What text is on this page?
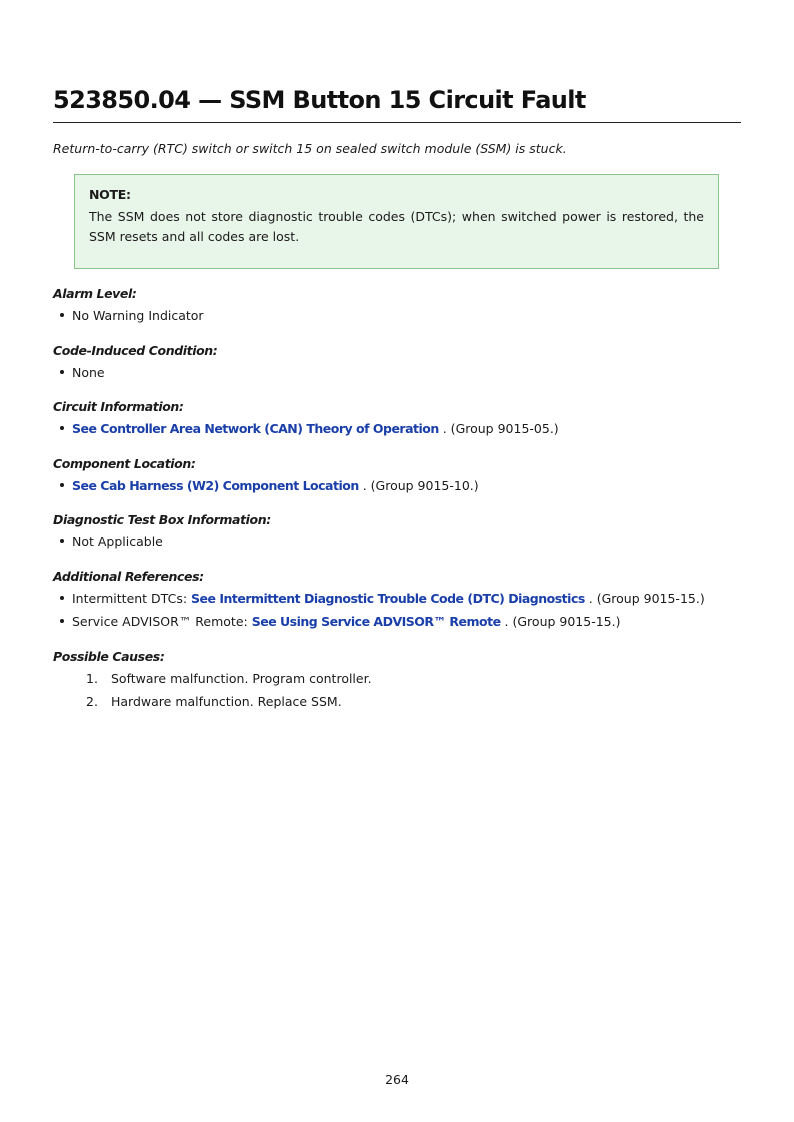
523850.04 — SSM Button 15 Circuit Fault

Return-to-carry (RTC) switch or switch 15 on sealed switch module (SSM) is stuck.

NOTE:

The SSM does not store diagnostic trouble codes (DTCs); when switched power is restored, the SSM resets and all codes are lost.

Alarm Level:

No Warning Indicator

Code-Induced Condition:

None

Circuit Information:

See Controller Area Network (CAN) Theory of Operation . (Group 9015-05.)

Component Location:

See Cab Harness (W2) Component Location . (Group 9015-10.)

Diagnostic Test Box Information:

Not Applicable

Additional References:

Intermittent DTCs: See Intermittent Diagnostic Trouble Code (DTC) Diagnostics . (Group 9015-15.)
Service ADVISOR™ Remote: See Using Service ADVISOR™ Remote . (Group 9015-15.)

Possible Causes:

1. Software malfunction. Program controller.
2. Hardware malfunction. Replace SSM.
264
